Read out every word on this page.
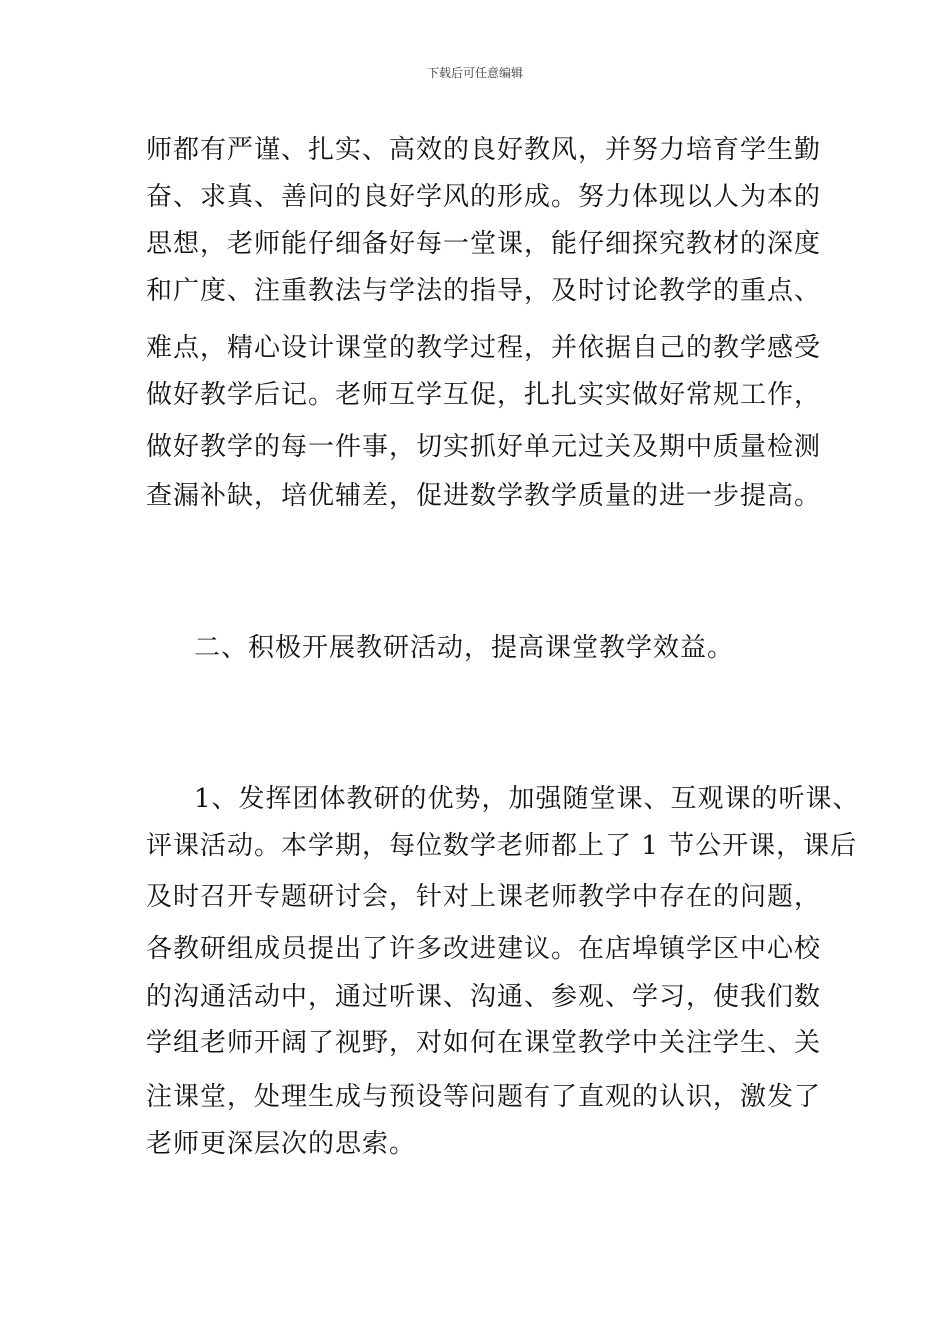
下载后可任意编辑
师都有严谨、扎实、高效的良好教风，并努力培育学生勤
奋、求真、善问的良好学风的形成。努力体现以人为本的
思想，老师能仔细备好每一堂课，能仔细探究教材的深度
和广度、注重教法与学法的指导，及时讨论教学的重点、
难点，精心设计课堂的教学过程，并依据自己的教学感受
做好教学后记。老师互学互促，扎扎实实做好常规工作，
做好教学的每一件事，切实抓好单元过关及期中质量检测
查漏补缺，培优辅差，促进数学教学质量的进一步提高。
二、积极开展教研活动，提高课堂教学效益。
1、发挥团体教研的优势，加强随堂课、互观课的听课、
评课活动。本学期，每位数学老师都上了 1 节公开课，课后
及时召开专题研讨会，针对上课老师教学中存在的问题，
各教研组成员提出了许多改进建议。在店埠镇学区中心校
的沟通活动中，通过听课、沟通、参观、学习，使我们数
学组老师开阔了视野，对如何在课堂教学中关注学生、关
注课堂，处理生成与预设等问题有了直观的认识，激发了
老师更深层次的思索。
